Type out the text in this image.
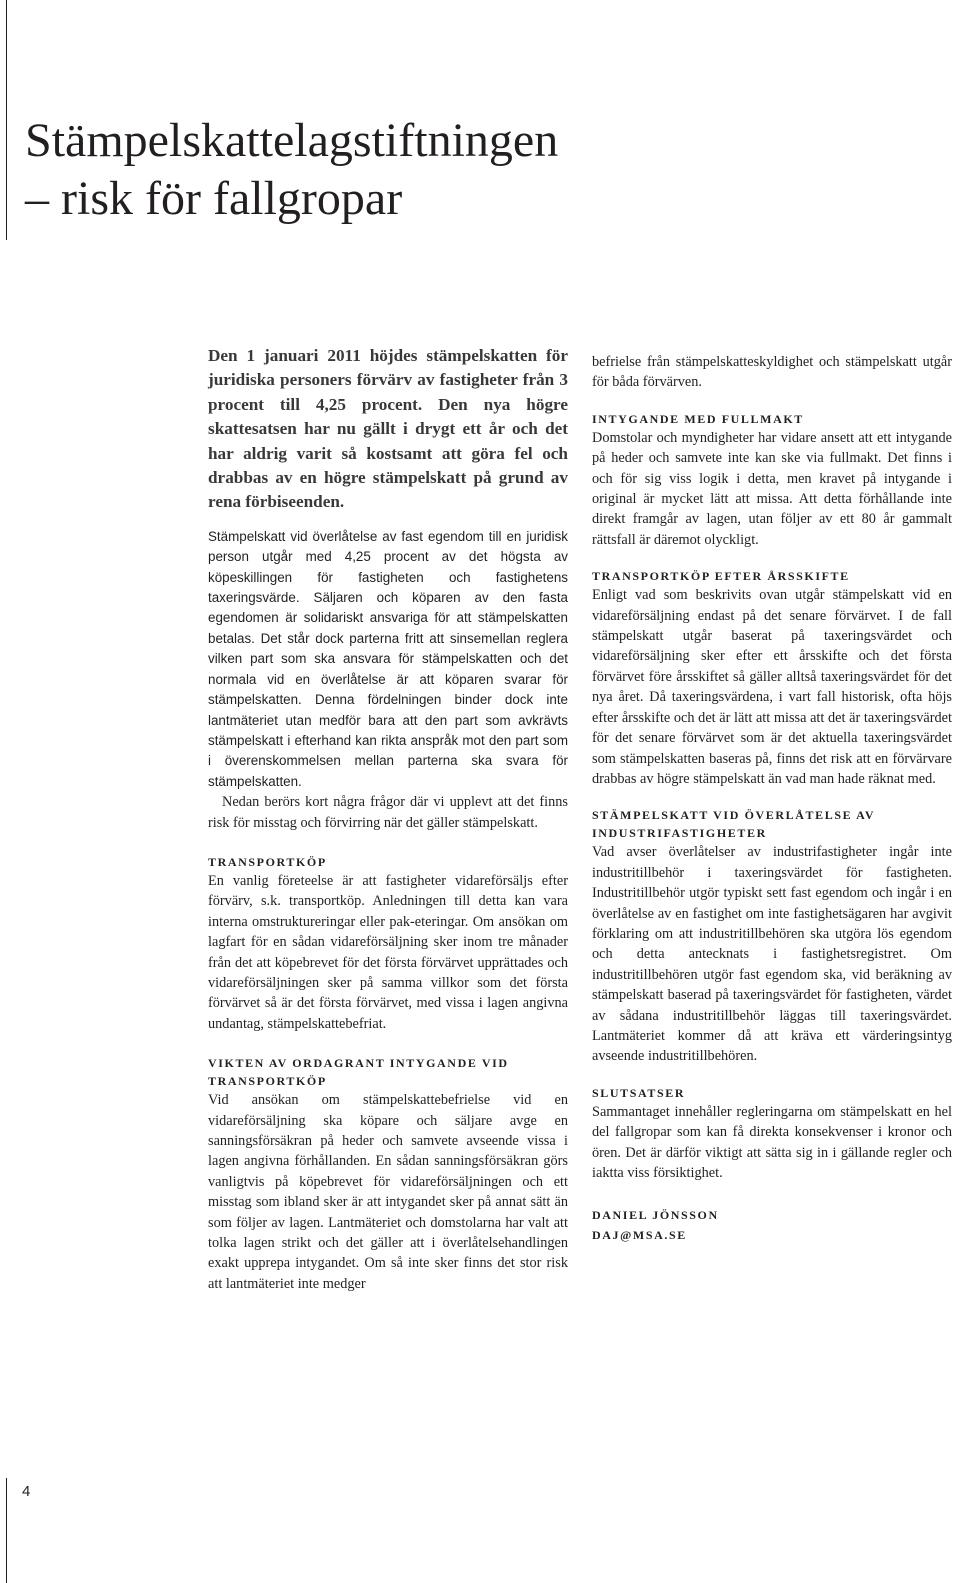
Stämpelskattelagstiftningen
– risk för fallgropar

Den 1 januari 2011 höjdes stämpelskatten för juridiska personers förvärv av fastigheter från 3 procent till 4,25 procent. Den nya högre skattesatsen har nu gällt i drygt ett år och det har aldrig varit så kostsamt att göra fel och drabbas av en högre stämpelskatt på grund av rena förbiseenden.

Stämpelskatt vid överlåtelse av fast egendom till en juridisk person utgår med 4,25 procent av det högsta av köpeskillingen för fastigheten och fastighetens taxeringsvärde. Säljaren och köparen av den fasta egendomen är solidariskt ansvariga för att stämpelskatten betalas. Det står dock parterna fritt att sinsemellan reglera vilken part som ska ansvara för stämpelskatten och det normala vid en överlåtelse är att köparen svarar för stämpelskatten. Denna fördelningen binder dock inte lantmäteriet utan medför bara att den part som avkrävts stämpelskatt i efterhand kan rikta anspråk mot den part som i överenskommelsen mellan parterna ska svara för stämpelskatten.

Nedan berörs kort några frågor där vi upplevt att det finns risk för misstag och förvirring när det gäller stämpelskatt.

TRANSPORTKÖP

En vanlig företeelse är att fastigheter vidareförsäljs efter förvärv, s.k. transportköp. Anledningen till detta kan vara interna omstruktureringar eller pak-eteringar. Om ansökan om lagfart för en sådan vidareförsäljning sker inom tre månader från det att köpebrevet för det första förvärvet upprättades och vidareförsäljningen sker på samma villkor som det första förvärvet så är det första förvärvet, med vissa i lagen angivna undantag, stämpelskattebefriat.

VIKTEN AV ORDAGRANT INTYGANDE VID TRANSPORTKÖP

Vid ansökan om stämpelskattebefrielse vid en vidareförsäljning ska köpare och säljare avge en sanningsförsäkran på heder och samvete avseende vissa i lagen angivna förhållanden. En sådan sanningsförsäkran görs vanligtvis på köpebrevet för vidareförsäljningen och ett misstag som ibland sker är att intygandet sker på annat sätt än som följer av lagen. Lantmäteriet och domstolarna har valt att tolka lagen strikt och det gäller att i överlåtelsehandlingen exakt upprepa intygandet. Om så inte sker finns det stor risk att lantmäteriet inte medger

befrielse från stämpelskatteskyldighet och stämpelskatt utgår för båda förvärven.

INTYGANDE MED FULLMAKT

Domstolar och myndigheter har vidare ansett att ett intygande på heder och samvete inte kan ske via fullmakt. Det finns i och för sig viss logik i detta, men kravet på intygande i original är mycket lätt att missa. Att detta förhållande inte direkt framgår av lagen, utan följer av ett 80 år gammalt rättsfall är däremot olyckligt.

TRANSPORTKÖP EFTER ÅRSSKIFTE

Enligt vad som beskrivits ovan utgår stämpelskatt vid en vidareförsäljning endast på det senare förvärvet. I de fall stämpelskatt utgår baserat på taxeringsvärdet och vidareförsäljning sker efter ett årsskifte och det första förvärvet före årsskiftet så gäller alltså taxeringsvärdet för det nya året. Då taxeringsvärdena, i vart fall historisk, ofta höjs efter årsskifte och det är lätt att missa att det är taxeringsvärdet för det senare förvärvet som är det aktuella taxeringsvärdet som stämpelskatten baseras på, finns det risk att en förvärvare drabbas av högre stämpelskatt än vad man hade räknat med.

STÄMPELSKATT VID ÖVERLÅTELSE AV INDUSTRIFASTIGHETER

Vad avser överlåtelser av industrifastigheter ingår inte industritillbehör i taxeringsvärdet för fastigheten. Industritillbehör utgör typiskt sett fast egendom och ingår i en överlåtelse av en fastighet om inte fastighetsägaren har avgivit förklaring om att industritillbehören ska utgöra lös egendom och detta antecknats i fastighetsregistret. Om industritillbehören utgör fast egendom ska, vid beräkning av stämpelskatt baserad på taxeringsvärdet för fastigheten, värdet av sådana industritillbehör läggas till taxeringsvärdet. Lantmäteriet kommer då att kräva ett värderingsintyg avseende industritillbehören.

SLUTSATSER

Sammantaget innehåller regleringarna om stämpelskatt en hel del fallgropar som kan få direkta konsekvenser i kronor och ören. Det är därför viktigt att sätta sig in i gällande regler och iaktta viss försiktighet.

DANIEL JÖNSSON
DAJ@MSA.SE
4
